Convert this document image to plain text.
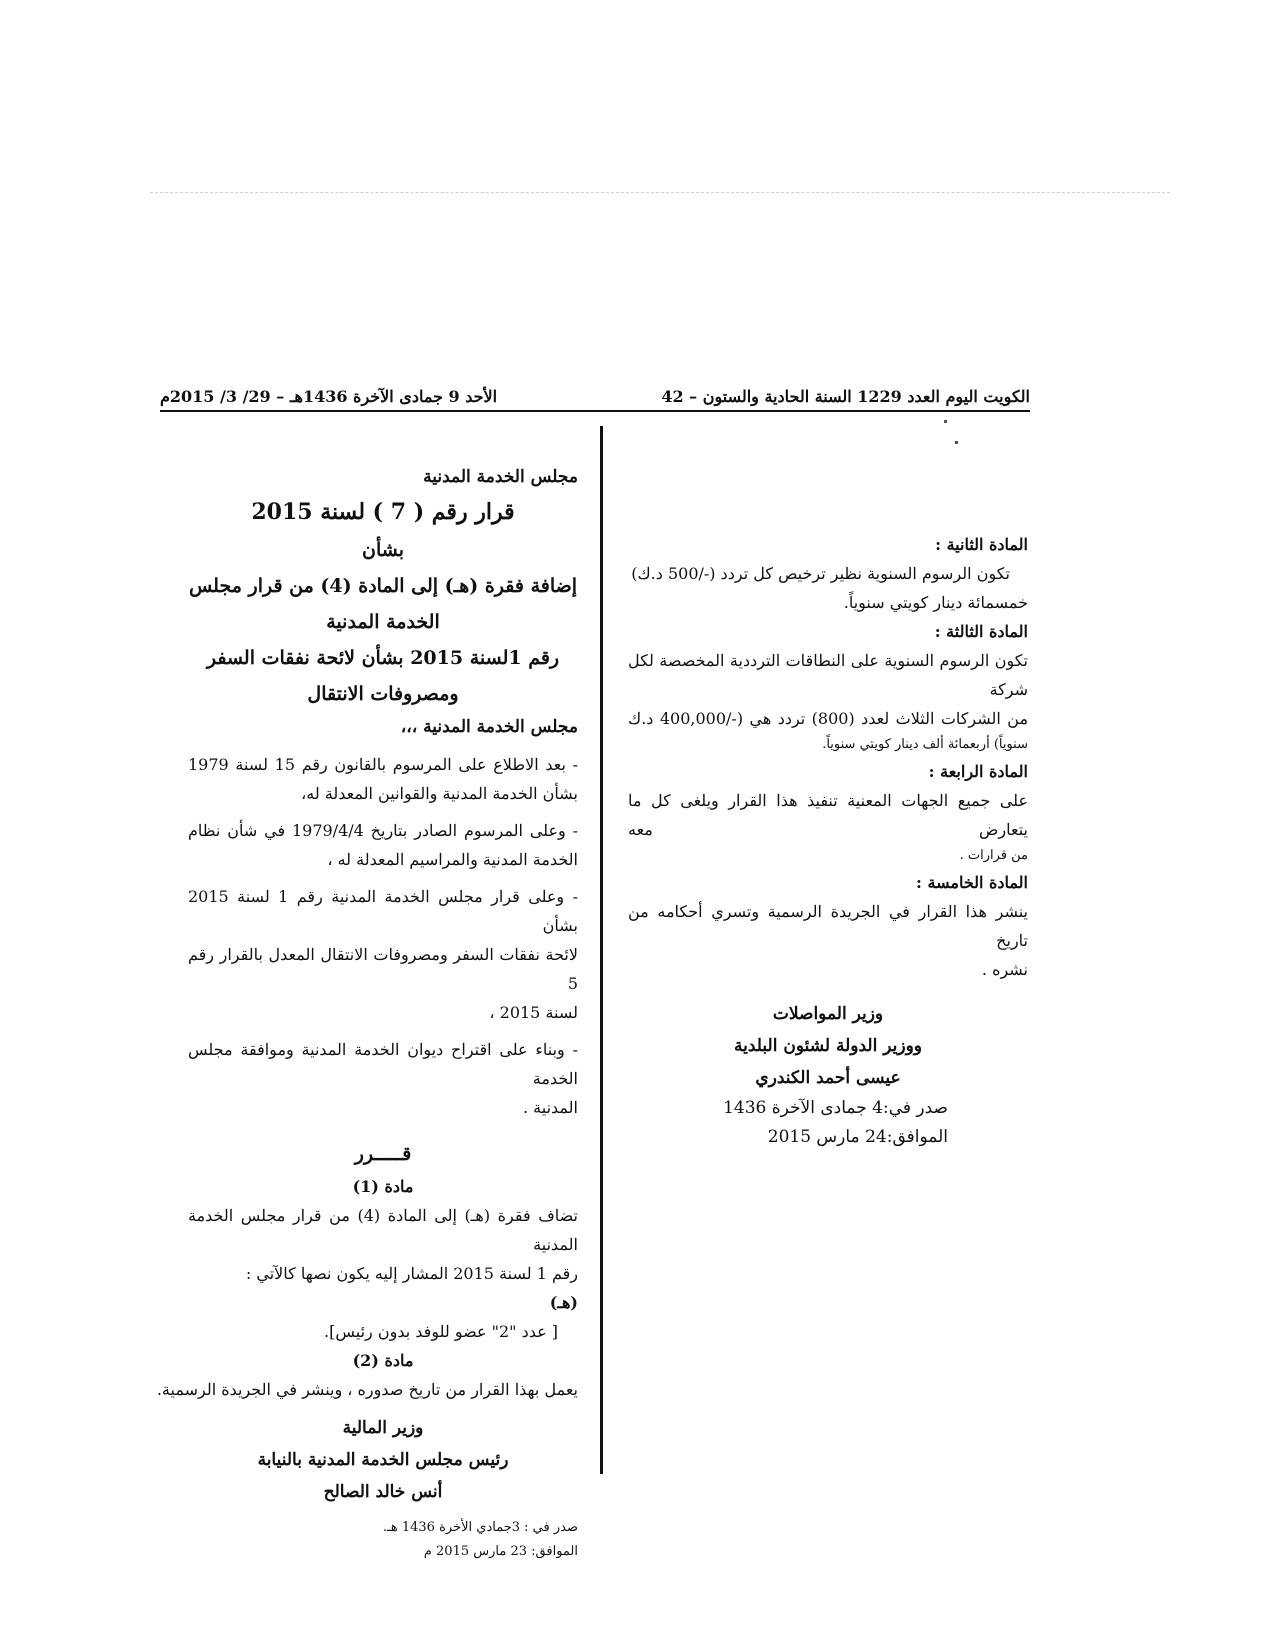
الكويت اليوم العدد 1229 السنة الحادية والستون – 42
الأحد 9 جمادى الآخرة 1436هـ – 29/ 3/ 2015م

مجلس الخدمة المدنية

قرار رقم ( 7 ) لسنة 2015

بشأن

إضافة فقرة (هـ) إلى المادة (4) من قرار مجلس

الخدمة المدنية

رقم 1لسنة 2015 بشأن لائحة نفقات السفر

ومصروفات الانتقال

مجلس الخدمة المدنية ،،،

- بعد الاطلاع على المرسوم بالقانون رقم 15 لسنة 1979

بشأن الخدمة المدنية والقوانين المعدلة له،

- وعلى المرسوم الصادر بتاريخ 1979/4/4 في شأن نظام

الخدمة المدنية والمراسيم المعدلة له ،

- وعلى قرار مجلس الخدمة المدنية رقم 1 لسنة 2015 بشأن

لائحة نفقات السفر ومصروفات الانتقال المعدل بالقرار رقم 5

لسنة 2015 ،

- وبناء على اقتراح ديوان الخدمة المدنية وموافقة مجلس الخدمة

المدنية .

قـــــرر

مادة (1)

تضاف فقرة (هـ) إلى المادة (4) من قرار مجلس الخدمة المدنية

رقم 1 لسنة 2015 المشار إليه يكون نصها كالآتي :

(هـ)

[ عدد "2" عضو للوفد بدون رئيس].

مادة (2)

يعمل بهذا القرار من تاريخ صدوره ، وينشر في الجريدة الرسمية.

وزير المالية

رئيس مجلس الخدمة المدنية بالنيابة

أنس خالد الصالح

صدر في : 3جمادي الأخرة 1436 هـ.

الموافق: 23 مارس 2015 م

المادة الثانية :

تكون الرسوم السنوية نظير ترخيص كل تردد (-/500 د.ك)

خمسمائة دينار كويتي سنوياً.

المادة الثالثة :

تكون الرسوم السنوية على النطاقات الترددية المخصصة لكل شركة

من الشركات الثلاث لعدد (800) تردد هي (-/400,000 د.ك

سنوياً) أربعمائة ألف دينار كويتي سنوياً.

المادة الرابعة :

على جميع الجهات المعنية تنفيذ هذا القرار ويلغى كل ما يتعارض معه

من قرارات .

المادة الخامسة :

ينشر هذا القرار في الجريدة الرسمية وتسري أحكامه من تاريخ

نشره .

وزير المواصلات

ووزير الدولة لشئون البلدية

عيسى أحمد الكندري

صدر في:4 جمادى الآخرة 1436

الموافق:24 مارس 2015
